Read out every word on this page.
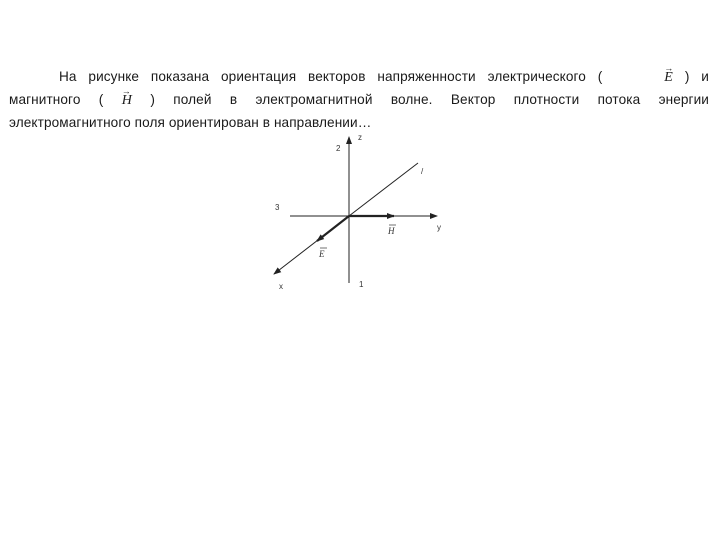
На рисунке показана ориентация векторов напряженности электрического (	→ E ) и
магнитного ( → H ) полей в электромагнитной волне. Вектор плотности потока энергии
электромагнитного поля ориентирован в направлении…
z
2
/
3
y
H
E
x	1
